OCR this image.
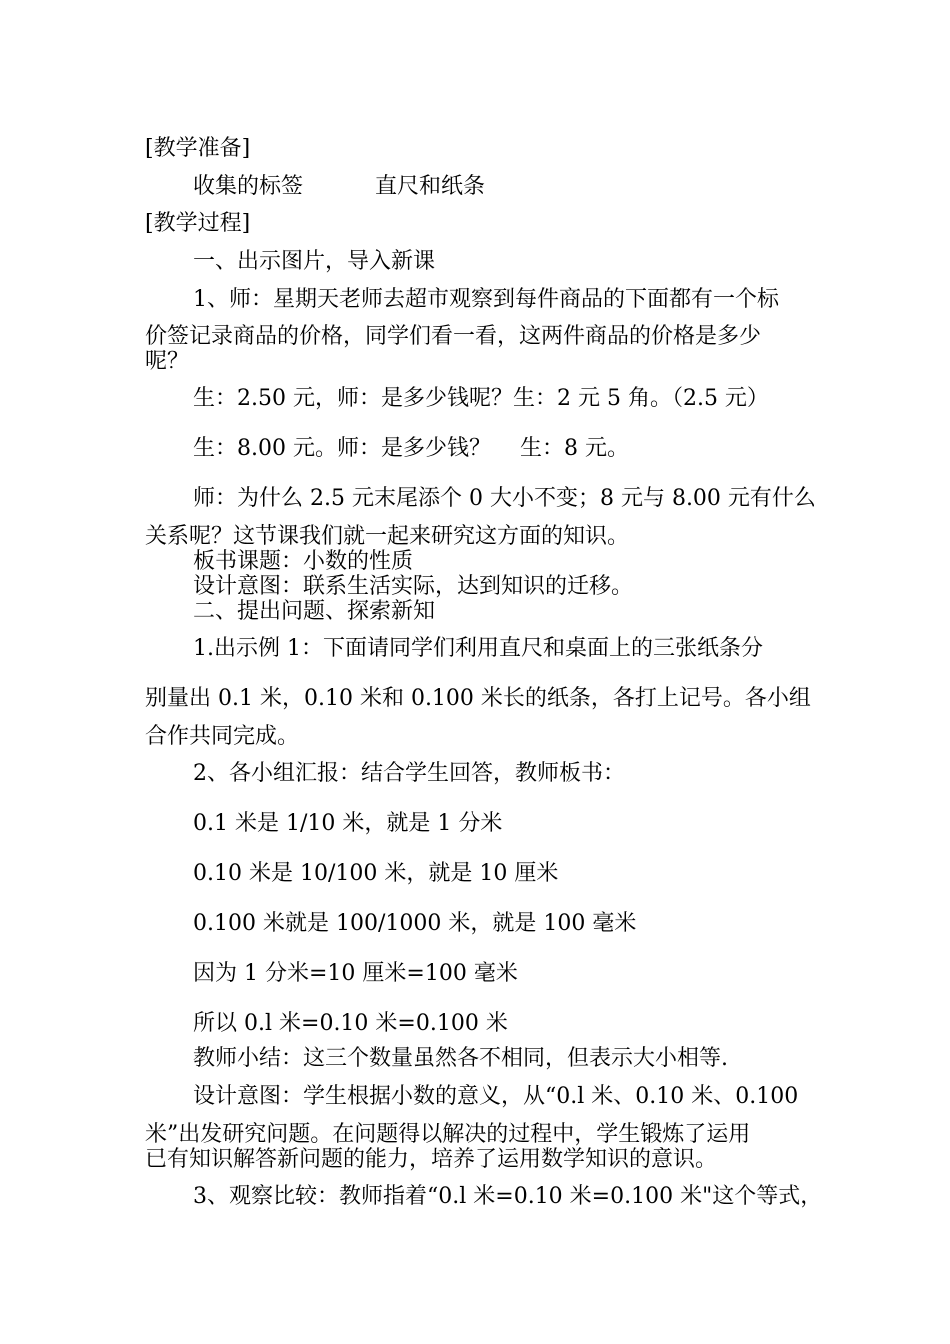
[教学准备]
收集的标签	直尺和纸条
[教学过程]
一、出示图片，导入新课
1、师：星期天老师去超市观察到每件商品的下面都有一个标
价签记录商品的价格，同学们看一看，这两件商品的价格是多少
呢？
生：2.50 元，师：是多少钱呢？生：2 元 5 角。（2.5 元）
生：8.00 元。师：是多少钱？　 生：8 元。
师：为什么 2.5 元末尾添个 0 大小不变；8 元与 8.00 元有什么
关系呢？这节课我们就一起来研究这方面的知识。
板书课题：小数的性质
设计意图：联系生活实际，达到知识的迁移。
二、提出问题、探索新知
1.出示例 1：下面请同学们利用直尺和桌面上的三张纸条分
别量出 0.1 米，0.10 米和 0.100 米长的纸条，各打上记号。各小组
合作共同完成。
2、各小组汇报：结合学生回答，教师板书：
0.1 米是 1/10 米，就是 1 分米
0.10 米是 10/100 米，就是 10 厘米
0.100 米就是 100/1000 米，就是 100 毫米
因为 1 分米=10 厘米=100 毫米
所以 0.l 米=0.10 米=0.100 米
教师小结：这三个数量虽然各不相同，但表示大小相等.
设计意图：学生根据小数的意义，从“0.l 米、0.10 米、0.100
米”出发研究问题。在问题得以解决的过程中，学生锻炼了运用
已有知识解答新问题的能力，培养了运用数学知识的意识。
3、观察比较：教师指着“0.l 米=0.10 米=0.100 米"这个等式，
